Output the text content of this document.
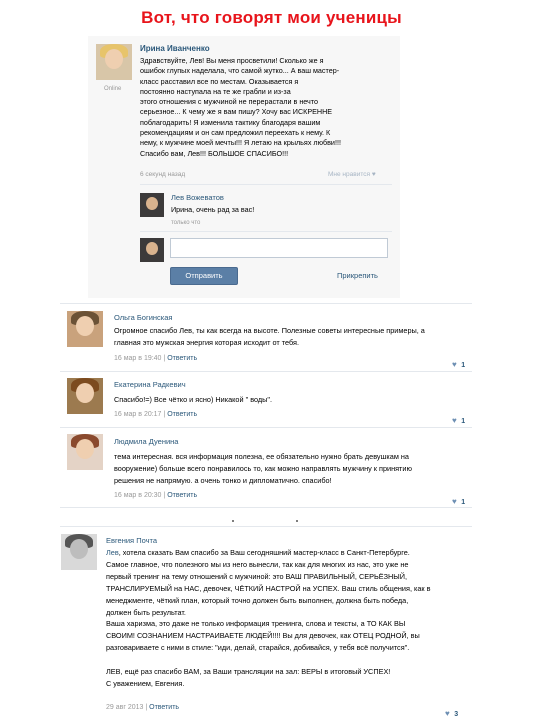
Вот, что говорят мои ученицы
Online
Ирина Иванченко
Здравствуйте, Лев! Вы меня просветили! Сколько же я
ошибок глупых наделала, что самой жутко... А ваш мастер-
класс расставил все по местам. Оказывается я
постоянно наступала на те же грабли и из-за
этого отношения с мужчиной не перерастали в нечто
серьезное... К чему же я вам пишу? Хочу вас ИСКРЕННЕ
поблагодарить! Я изменила тактику благодаря вашим
рекомендациям и он сам предложил переехать к нему. К
нему, к мужчине моей мечты!!! Я летаю на крыльях любви!!!
Спасибо вам, Лев!!! БОЛЬШОЕ СПАСИБО!!!
6 секунд назад	Мне нравится ♥
Лев Вожеватов
Ирина, очень рад за вас!
только что
Отправить	Прикрепить
Ольга Богинская
Огромное спасибо Лев, ты как всегда на высоте. Полезные советы интересные примеры, а
главная это мужская энергия которая исходит от тебя.
16 мар в 19:40 | Ответить
♥ 1
Екатерина Радкевич
Спасибо!=) Все чётко и ясно) Никакой " воды".
16 мар в 20:17 | Ответить
♥ 1
Людмила Дуенина
тема интересная. вся информация полезна, ее обязательно нужно брать девушкам на
вооружение) больше всего понравилось то, как можно направлять мужчину к принятию
решения не напрямую. а очень тонко и дипломатично. спасибо!
16 мар в 20:30 | Ответить
♥ 1
Евгения Почта
Лев, хотела сказать Вам спасибо за Ваш сегодняшний мастер-класс в Санкт-Петербурге.
Самое главное, что полезного мы из него вынесли, так как для многих из нас, это уже не
первый тренинг на тему отношений с мужчиной: это ВАШ ПРАВИЛЬНЫЙ, СЕРЬЁЗНЫЙ,
ТРАНСЛИРУЕМЫЙ на НАС, девочек, ЧЁТКИЙ НАСТРОЙ на УСПЕХ. Ваш стиль общения, как в
менеджменте, чёткий план, который точно должен быть выполнен, должна быть победа,
должен быть результат.
Ваша харизма, это даже не только информация тренинга, слова и тексты, а ТО КАК ВЫ
СВОИМ! СОЗНАНИЕМ НАСТРАИВАЕТЕ ЛЮДЕЙ!!!! Вы для девочек, как ОТЕЦ РОДНОЙ, вы
разговариваете с ними в стиле: "иди, делай, старайся, добивайся, у тебя всё получится".
ЛЕВ, ещё раз спасибо ВАМ, за Ваши трансляции на зал: ВЕРЫ в итоговый УСПЕХ!
С уважением, Евгения.
29 авг 2013 | Ответить
♥ 3
